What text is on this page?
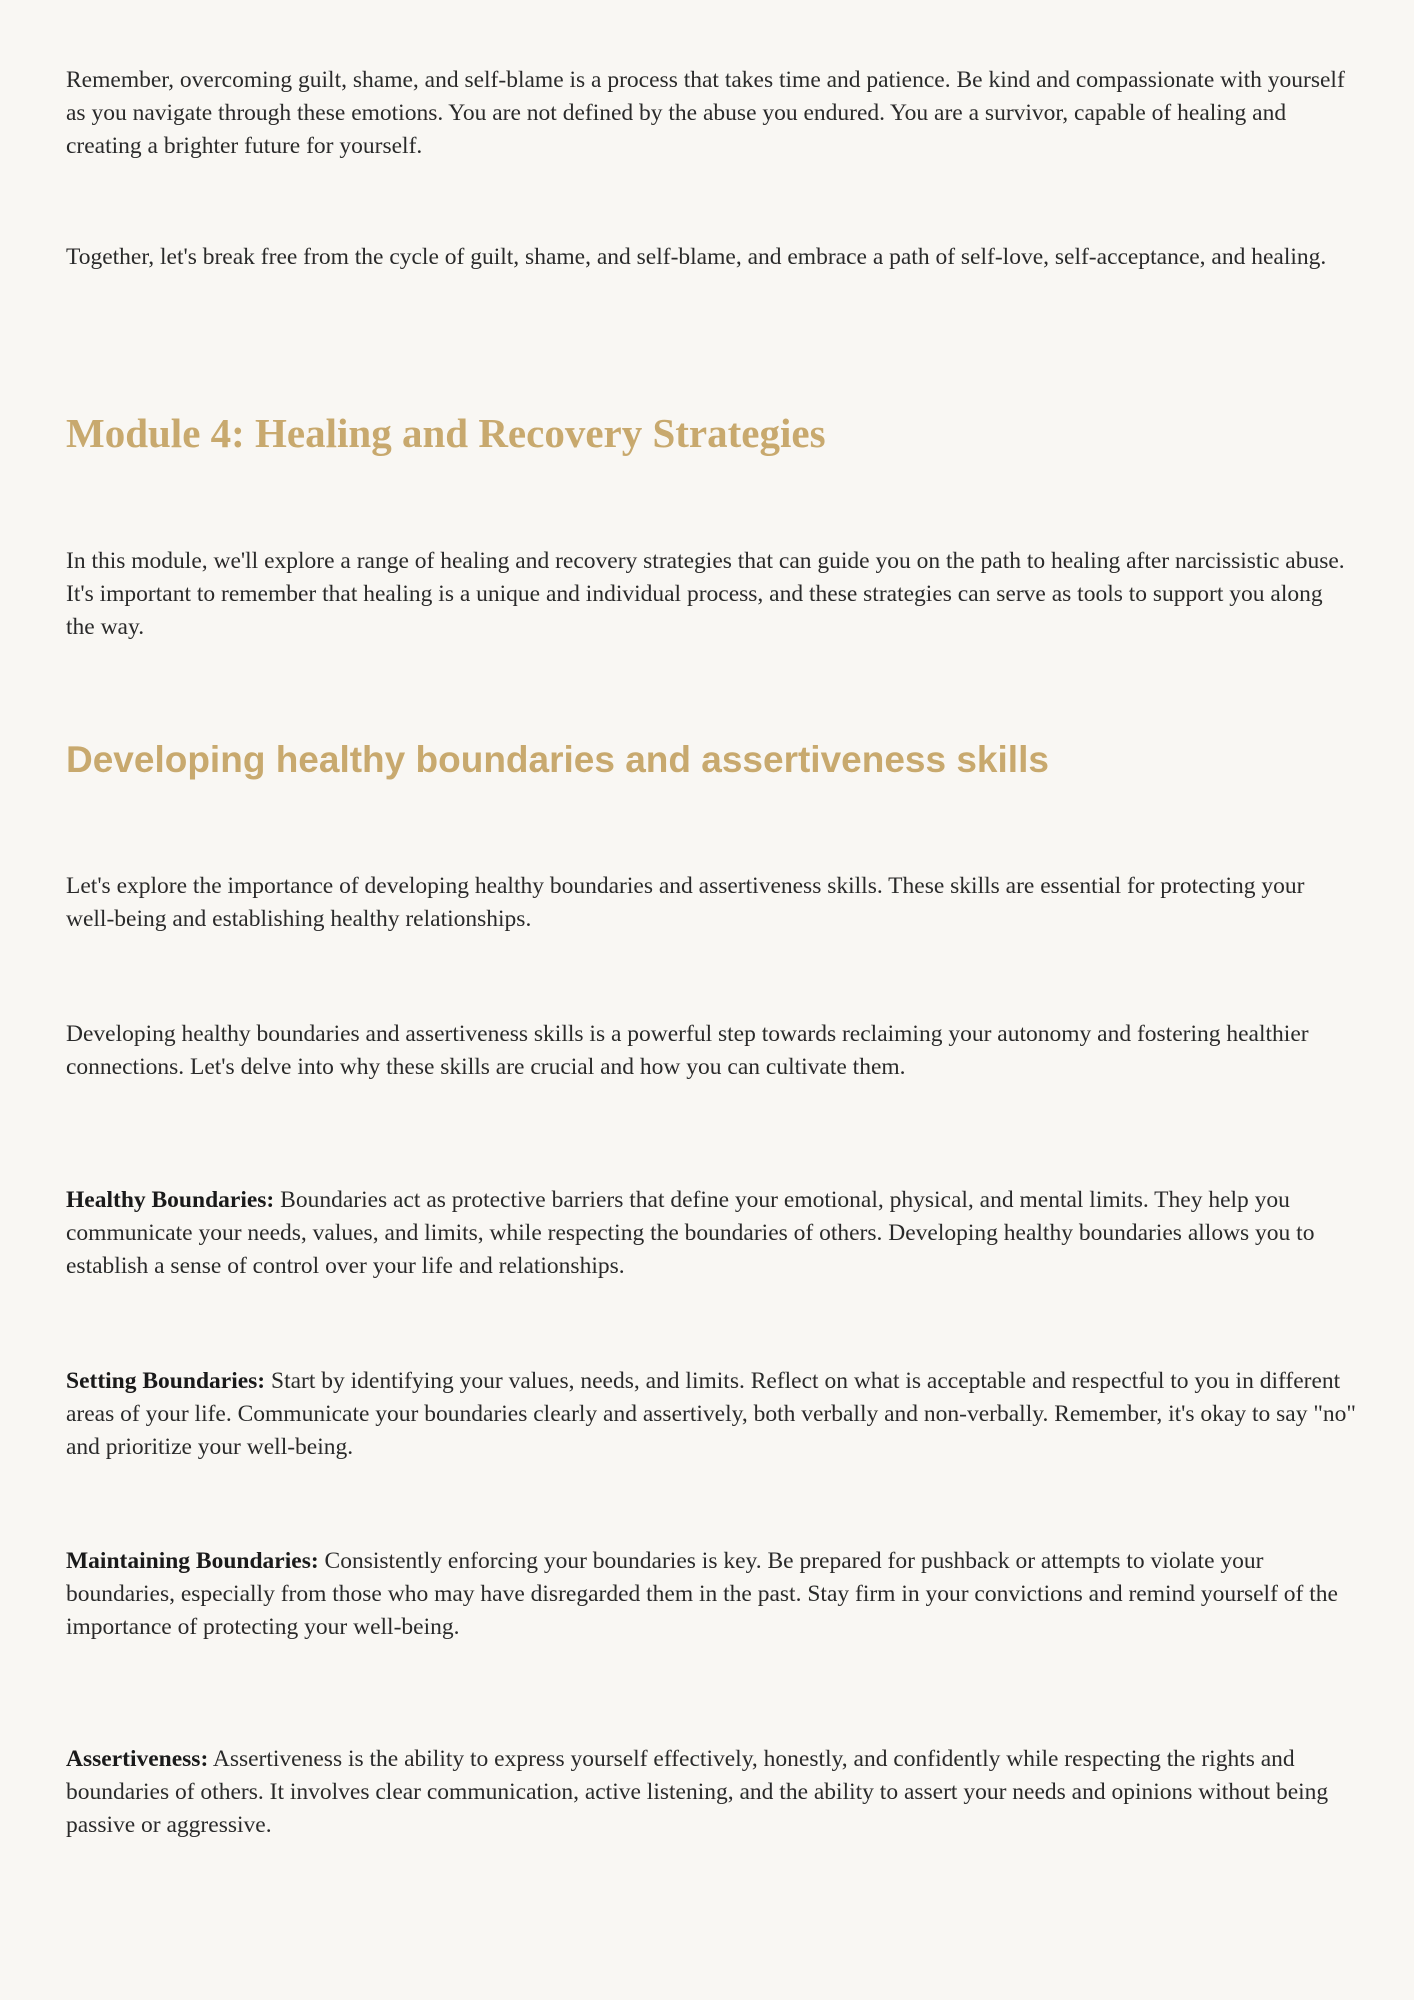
Remember, overcoming guilt, shame, and self-blame is a process that takes time and patience. Be kind and compassionate with yourself as you navigate through these emotions. You are not defined by the abuse you endured. You are a survivor, capable of healing and creating a brighter future for yourself.

Together, let's break free from the cycle of guilt, shame, and self-blame, and embrace a path of self-love, self-acceptance, and healing.

Module 4: Healing and Recovery Strategies

In this module, we'll explore a range of healing and recovery strategies that can guide you on the path to healing after narcissistic abuse. It's important to remember that healing is a unique and individual process, and these strategies can serve as tools to support you along the way.

Developing healthy boundaries and assertiveness skills

Let's explore the importance of developing healthy boundaries and assertiveness skills. These skills are essential for protecting your well-being and establishing healthy relationships.

Developing healthy boundaries and assertiveness skills is a powerful step towards reclaiming your autonomy and fostering healthier connections. Let's delve into why these skills are crucial and how you can cultivate them.

Healthy Boundaries: Boundaries act as protective barriers that define your emotional, physical, and mental limits. They help you communicate your needs, values, and limits, while respecting the boundaries of others. Developing healthy boundaries allows you to establish a sense of control over your life and relationships.

Setting Boundaries: Start by identifying your values, needs, and limits. Reflect on what is acceptable and respectful to you in different areas of your life. Communicate your boundaries clearly and assertively, both verbally and non-verbally. Remember, it's okay to say "no" and prioritize your well-being.

Maintaining Boundaries: Consistently enforcing your boundaries is key. Be prepared for pushback or attempts to violate your boundaries, especially from those who may have disregarded them in the past. Stay firm in your convictions and remind yourself of the importance of protecting your well-being.

Assertiveness: Assertiveness is the ability to express yourself effectively, honestly, and confidently while respecting the rights and boundaries of others. It involves clear communication, active listening, and the ability to assert your needs and opinions without being passive or aggressive.
